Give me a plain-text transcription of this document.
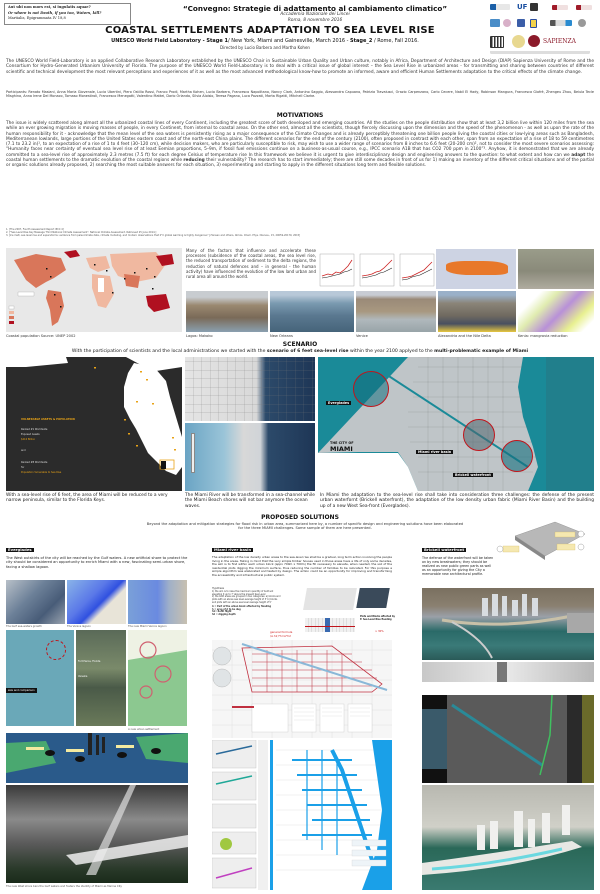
Aut ubi non mors est, si iugulatis aquae?
Or where is not Death, if you too, Waters, kill?
Martialis, Epigrammata IV 18,8
“Convegno: Strategie di adattamento al cambiamento climatico”
Accademia Nazionale dei Lincei
Roma, 8 novembre 2016
COASTAL SETTLEMENTS ADAPTATION TO SEA LEVEL RISE
UNESCO World Field Laboratory - Stage 1/ New York, Miami and Gainesville, March 2016 - Stage_2 / Rome, Fall 2016.
Directed by Lucio Barbera and Martha Kohen
UF
SAPIENZA
The UNESCO World Field-Laboratory is an applied Collaborative Research Laboratory established by the UNESCO Chair in Sustainable Urban Quality and Urban culture, notably in Africa, Department of Architecture and Design (DIAP) Sapienza University of Rome and the Consortium for Hydro-Generated Urbanism University of Florida. The purpose of the UNESCO World Field-Laboratory is to deal with a critical issue of global interest – the Sea Level Rise in urbanized areas - for transmitting and sharing between countries of different scientific and technical development the most relevant perceptions and experiences of it as well as the most advanced methodological know-how to promote an informed, aware and efficient Human Settlements adaptation to the critical effects of the climate change.
Participants: Renato Masiani, Anna Maria Giovenale, Lucia Ubertini, Piero Ostilio Rossi, Franco Prodi, Martha Kohen, Lucio Barbera, Francesco Napolitano, Nancy Clark, Antonino Saggio, Alessandra Capuano, Patrizia Travaiusci, Orazio Carpenzano, Carlo Cecere, Nabil El Hady, Robinson Mangura, Francesca Giofrè, Zhengeu Zhou, Beiula Tecle Misghina, Anna Irene Del Monaco, Tomaso Monestiroli, Francesco Menegatti, Valentino Mattei, Dario Orlando, Silvia Aloisio, Teresa Pagano, Luca Pozzati, Marta Rigatti, Mitchell Clarke.
MOTIVATIONS
The issue is widely scattered along almost all the urbanized coastal lines of every Continent, including the greatest score of both developed and emerging countries. All the studies on the people distribution show that at least 3,2 billion live within 120 miles from the sea while an ever growing migration is moving masses of people, in every Continent, from internal to coastal areas. On the other end, almost all the scientists, though fiercely discussing upon the dimension and the speed of the phenomenon - as well as upon the rate of the human responsibility for it - acknowledge that the mean level of the sea waters is persistently rising as a major consequence of the Climate Changes and is already perceptibly threatening one billion people living the coastal cities or low-lying areas such as Bangladesh, Mediterranean lowlands, large portions of the United States eastern coast and of the north-east China plains. The different scenarios for the end of the century (2100), often proposed in contrast with each other, span from an expectation of a rise of 18 to 59 centimetres (7.1 to 23.2 in)¹, to an expectation of a rise of 1 to 4 feet (30–120 cm), while decision makers, who are particularly susceptible to risk, may wish to use a wider range of scenarios from 8 inches to 6.6 feet (20-200 cm)², not to consider the most severe scenarios assessing: “Humanity faces near certainty of eventual sea level rise of at least Eemian proportions, 5–9m, if fossil fuel emissions continue on a business-as-usual course, e.g., IPCC scenario A1B that has CO2 700 ppm in 2100”³. Anyhow, it is demonstrated that we are already committed to a sea-level rise of approximately 2.3 metres (7.5 ft) for each degree Celsius of temperature rise In this framework we believe it is urgent to give interdisciplinary design and engineering answers to the question: to what extent and how can we adapt the coastal human settlements to the dramatic evolution of the coastal regions while reducing their vulnerability? The research has to start immediately; there are still some decades in front of us for 1) making an inventory of the different critical situations and of the partial or organic solutions already proposed, 2) searching the most suitable answers for each situation, 3) experimenting and starting to apply in the different situations long term and flexible solutions.
1. [The 2007, Fourth Assessment Report IPCC 4]
2. ["Sea Level Rise Key Message Third National Climate Assessment". National Climate Assessment. Retrieved 25 June 2014.]
3. [Ice melt, sea level rise and superstorms: evidence from paleoclimate data, climate modeling, and modern observations that 2°C global warming is highly dangerous" J.Hansen and others, Atmos. Chem. Phys. Discuss., 15, 20059-20179, 2015]
Coastal population Source: UNEP 2002
Many of the factors that influence and accelerate these processes (subsidence of the coastal areas, the sea level rise, the reduced transportation of sediment to the delta regions, the reduction of natural defences and – in general - the human activity) have influenced the evolution of the low land urban and rural area all around the world.
Lagos: Makoko	New Orleans	Venice	Alexandria and the Nile Delta	Kenia: mangrovia reduction
SCENARIO
With the participation of scientists and the local administrations we started with the scenario of 6 feet sea-level rise within the year 2100 applyed to the multi-problematic example of Miami
VULNERABLE ASSETS & POPULATION
Ranked #1 Worldwide
Exposed Assets
$416 Billion
and
Ranked #8 Worldwide
for
Population Vulnerable to Sea Rise
Everglades
Miami river basin
Brickell waterfront
THE CITY OF
MIAMI
With a sea-level rise of 6 feet, the area of Miami will be reduced to a very narrow peninsula, similar to the Florida Keys.
The Miami River will be transformed in a sea-channel while the Miami Beach shores will not bar anymore the ocean waves.
In Miami the adaptation to the sea-level rise shall take into consideration three challenges: the defense of the present urban waterfornt (Brickell waterfront), the adaptation of the low density urban fabric (Miami River Basin) and the building up of a new West Sea-front (Everglades).
PROPOSED SOLUTIONS
Beyond the adaptation and mitigation strategies for flood risk in urban area, summarized here by, a number of specific design and engineering solutions have been elaborated for the three MIAMI challenges. Some sample of them are here presented.
Everglades
The West outskirts of the city will be reached by the Gulf waters. A new artificial shore to protect the city should be considered an opportunity to enrich Miami with a new, fascinating semi-urban shore, facing a shallow lagoon.
The Gulf sea-waters growth	The Venice lagoon	The new Miami Venice lagoon
size and comparison
Fort Pierce, Florida
Venezia
A new urban settlement
The new West shore bars the Gulf waters and fosters the identity of Miami as Marine City
Miami river basin
The adaptation of the low density urban areas to the sea-level rise shall be a gradual, long term action involving the people living in the areas. Taking in mind that the very simple timber houses used in those areas have a life of only some decades, the aim is to find within each urban block (appx 700m x 700m) the fill necessary to elevate, when needed, the soil of the residential plots digging the minimum surface, thus reducing the number of families to be relocated. For this purpose a simple algorithm was elaborated and tested by design. The action could be an opportunity for improving and transforming the accessibility and infrastructural public system.
Hypothesis
1) the aim is to raise the maximum quantity of built soil elevating it up to 7' above the present Sea Level
2) the built areas are grouped in two categories: a) blocks and plots with an above sea level average height of 3' b) blocks and plots with an above sea level average height of 5'
A = Part of the urban block affected by flooding
h = area of A to be dug
h1= Refill Hight
h2 = digging depth
general formula
(A·h1)*h=A*h2
Plots and Blocks affected by 6' Sea Level Rise flooding
≈ 30%
Brickell waterfront
The defense of the waterfront will be taken on by new breakwaters; they should be realized as new public green parts as well as an opportunity for giving the City a memorable new architectural profile.
